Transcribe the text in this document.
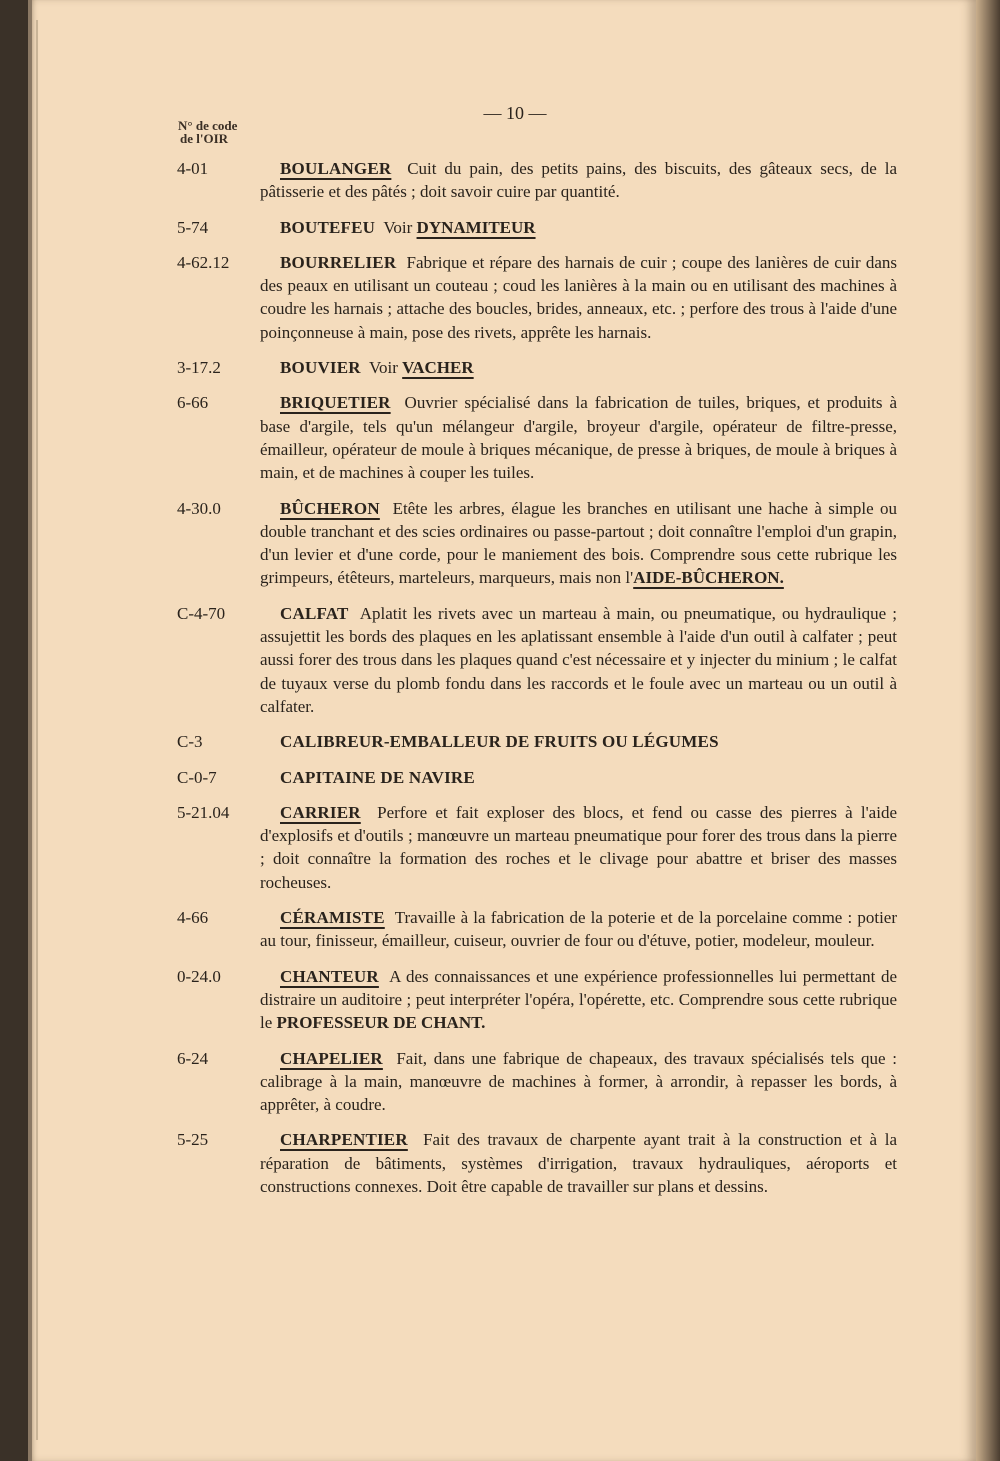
— 10 —
N° de code
de l'OIR
4-01	BOULANGER  Cuit du pain, des petits pains, des biscuits, des gâteaux secs, de la pâtisserie et des pâtés ; doit savoir cuire par quantité.
5-74	BOUTEFEU  Voir DYNAMITEUR
4-62.12	BOURRELIER  Fabrique et répare des harnais de cuir ; coupe des lanières de cuir dans des peaux en utilisant un couteau ; coud les lanières à la main ou en utilisant des machines à coudre les harnais ; attache des boucles, brides, anneaux, etc. ; perfore des trous à l'aide d'une poinçonneuse à main, pose des rivets, apprête les harnais.
3-17.2	BOUVIER  Voir VACHER
6-66	BRIQUETIER  Ouvrier spécialisé dans la fabrication de tuiles, briques, et produits à base d'argile, tels qu'un mélangeur d'argile, broyeur d'argile, opérateur de filtre-presse, émailleur, opérateur de moule à briques mécanique, de presse à briques, de moule à briques à main, et de machines à couper les tuiles.
4-30.0	BÛCHERON  Etête les arbres, élague les branches en utilisant une hache à simple ou double tranchant et des scies ordinaires ou passe-partout ; doit connaître l'emploi d'un grapin, d'un levier et d'une corde, pour le maniement des bois. Comprendre sous cette rubrique les grimpeurs, étêteurs, marteleurs, marqueurs, mais non l'AIDE-BÛCHERON.
C-4-70	CALFAT  Aplatit les rivets avec un marteau à main, ou pneumatique, ou hydraulique ; assujettit les bords des plaques en les aplatissant ensemble à l'aide d'un outil à calfater ; peut aussi forer des trous dans les plaques quand c'est nécessaire et y injecter du minium ; le calfat de tuyaux verse du plomb fondu dans les raccords et le foule avec un marteau ou un outil à calfater.
C-3	CALIBREUR-EMBALLEUR DE FRUITS OU LÉGUMES
C-0-7	CAPITAINE DE NAVIRE
5-21.04	CARRIER  Perfore et fait exploser des blocs, et fend ou casse des pierres à l'aide d'explosifs et d'outils ; manœuvre un marteau pneumatique pour forer des trous dans la pierre ; doit connaître la formation des roches et le clivage pour abattre et briser des masses rocheuses.
4-66	CÉRAMISTE  Travaille à la fabrication de la poterie et de la porcelaine comme : potier au tour, finisseur, émailleur, cuiseur, ouvrier de four ou d'étuve, potier, modeleur, mouleur.
0-24.0	CHANTEUR  A des connaissances et une expérience professionnelles lui permettant de distraire un auditoire ; peut interpréter l'opéra, l'opérette, etc. Comprendre sous cette rubrique le PROFESSEUR DE CHANT.
6-24	CHAPELIER  Fait, dans une fabrique de chapeaux, des travaux spécialisés tels que : calibrage à la main, manœuvre de machines à former, à arrondir, à repasser les bords, à apprêter, à coudre.
5-25	CHARPENTIER  Fait des travaux de charpente ayant trait à la construction et à la réparation de bâtiments, systèmes d'irrigation, travaux hydrauliques, aéroports et constructions connexes. Doit être capable de travailler sur plans et dessins.
